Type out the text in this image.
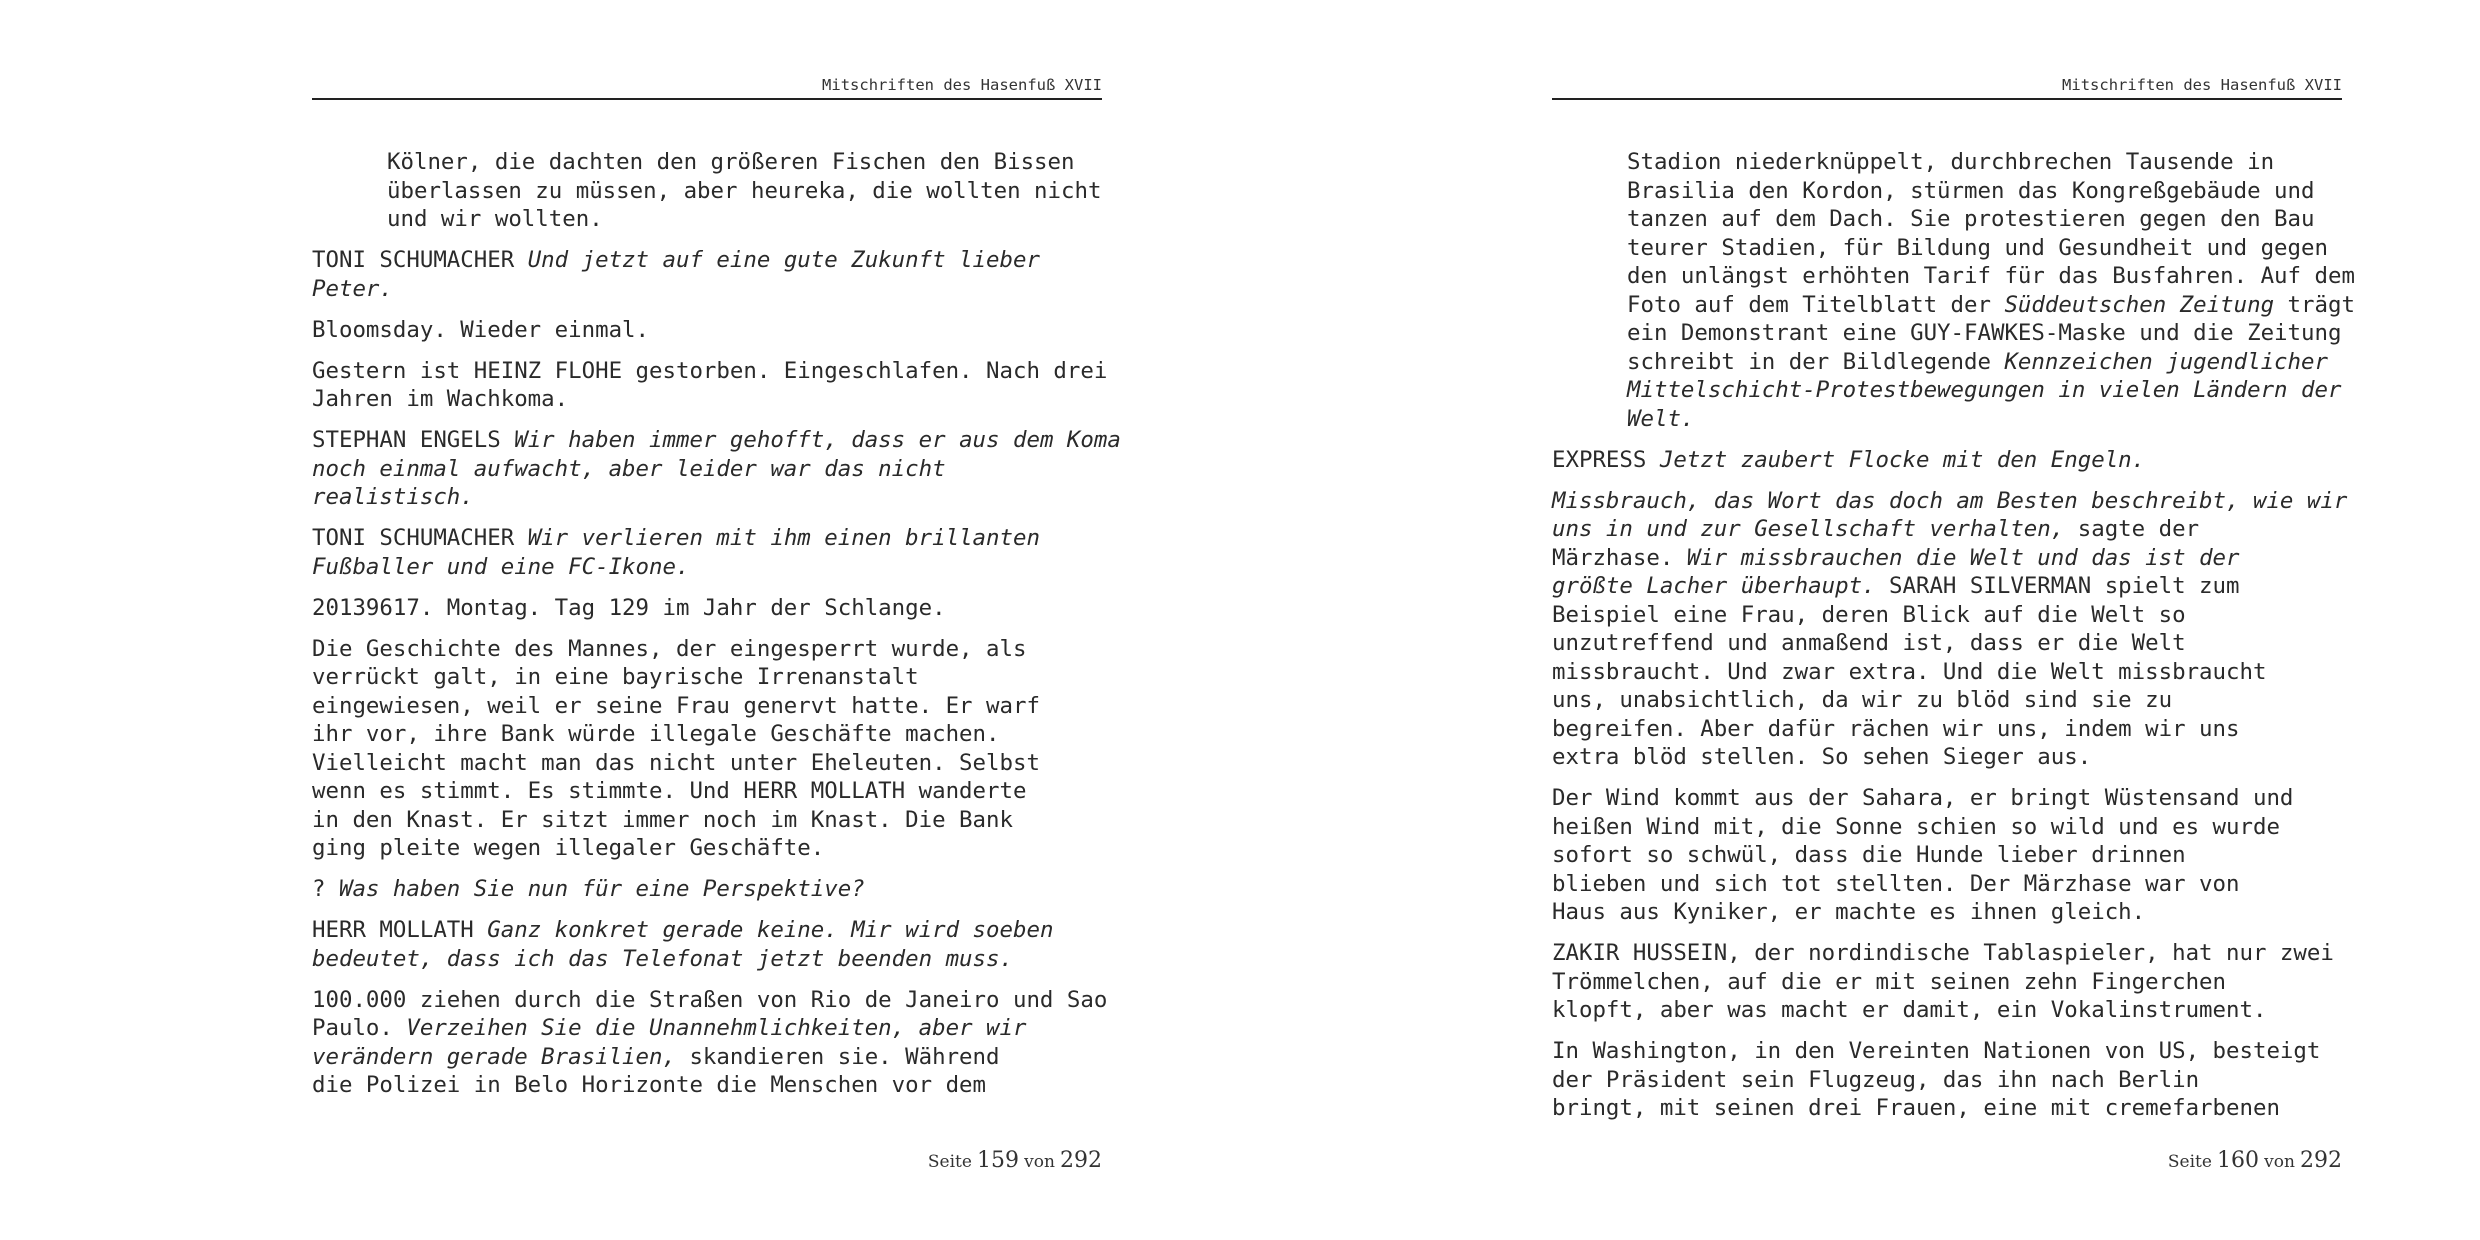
Mitschriften des Hasenfuß XVII
Kölner, die dachten den größeren Fischen den Bissen
überlassen zu müssen, aber heureka, die wollten nicht
und wir wollten.
TONI SCHUMACHER Und jetzt auf eine gute Zukunft lieber
Peter.
Bloomsday. Wieder einmal.
Gestern ist HEINZ FLOHE gestorben. Eingeschlafen. Nach drei
Jahren im Wachkoma.
STEPHAN ENGELS Wir haben immer gehofft, dass er aus dem Koma
noch einmal aufwacht, aber leider war das nicht
realistisch.
TONI SCHUMACHER Wir verlieren mit ihm einen brillanten
Fußballer und eine FC-Ikone.
20139617. Montag. Tag 129 im Jahr der Schlange.
Die Geschichte des Mannes, der eingesperrt wurde, als
verrückt galt, in eine bayrische Irrenanstalt
eingewiesen, weil er seine Frau genervt hatte. Er warf
ihr vor, ihre Bank würde illegale Geschäfte machen.
Vielleicht macht man das nicht unter Eheleuten. Selbst
wenn es stimmt. Es stimmte. Und HERR MOLLATH wanderte
in den Knast. Er sitzt immer noch im Knast. Die Bank
ging pleite wegen illegaler Geschäfte.
? Was haben Sie nun für eine Perspektive?
HERR MOLLATH Ganz konkret gerade keine. Mir wird soeben
bedeutet, dass ich das Telefonat jetzt beenden muss.
100.000 ziehen durch die Straßen von Rio de Janeiro und Sao
Paulo. Verzeihen Sie die Unannehmlichkeiten, aber wir
verändern gerade Brasilien, skandieren sie. Während
die Polizei in Belo Horizonte die Menschen vor dem
Seite 159 von 292
Mitschriften des Hasenfuß XVII
Stadion niederknüppelt, durchbrechen Tausende in
Brasilia den Kordon, stürmen das Kongreßgebäude und
tanzen auf dem Dach. Sie protestieren gegen den Bau
teurer Stadien, für Bildung und Gesundheit und gegen
den unlängst erhöhten Tarif für das Busfahren. Auf dem
Foto auf dem Titelblatt der Süddeutschen Zeitung trägt
ein Demonstrant eine GUY-FAWKES-Maske und die Zeitung
schreibt in der Bildlegende Kennzeichen jugendlicher
Mittelschicht-Protestbewegungen in vielen Ländern der
Welt.
EXPRESS Jetzt zaubert Flocke mit den Engeln.
Missbrauch, das Wort das doch am Besten beschreibt, wie wir
uns in und zur Gesellschaft verhalten, sagte der
Märzhase. Wir missbrauchen die Welt und das ist der
größte Lacher überhaupt. SARAH SILVERMAN spielt zum
Beispiel eine Frau, deren Blick auf die Welt so
unzutreffend und anmaßend ist, dass er die Welt
missbraucht. Und zwar extra. Und die Welt missbraucht
uns, unabsichtlich, da wir zu blöd sind sie zu
begreifen. Aber dafür rächen wir uns, indem wir uns
extra blöd stellen. So sehen Sieger aus.
Der Wind kommt aus der Sahara, er bringt Wüstensand und
heißen Wind mit, die Sonne schien so wild und es wurde
sofort so schwül, dass die Hunde lieber drinnen
blieben und sich tot stellten. Der Märzhase war von
Haus aus Kyniker, er machte es ihnen gleich.
ZAKIR HUSSEIN, der nordindische Tablaspieler, hat nur zwei
Trömmelchen, auf die er mit seinen zehn Fingerchen
klopft, aber was macht er damit, ein Vokalinstrument.
In Washington, in den Vereinten Nationen von US, besteigt
der Präsident sein Flugzeug, das ihn nach Berlin
bringt, mit seinen drei Frauen, eine mit cremefarbenen
Seite 160 von 292
